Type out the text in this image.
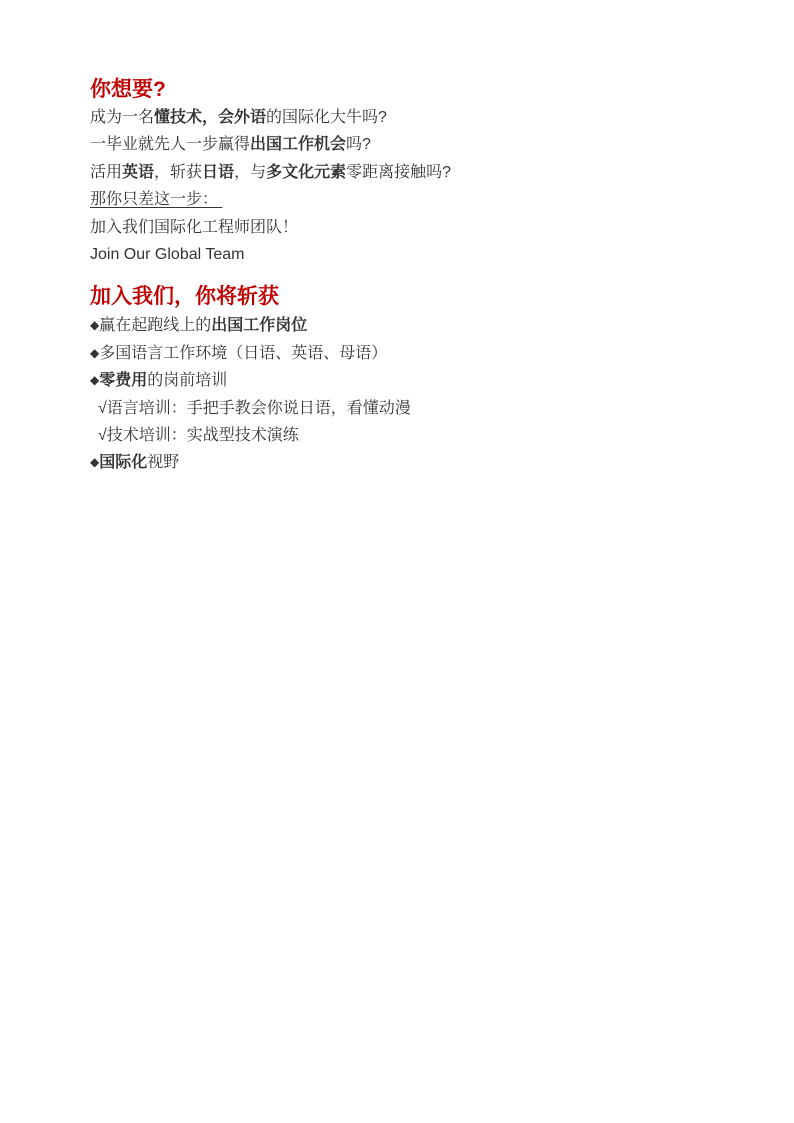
你想要?

成为一名懂技术，会外语的国际化大牛吗?

一毕业就先人一步赢得出国工作机会吗?

活用英语，斩获日语，与多文化元素零距离接触吗?

那你只差这一步：

加入我们国际化工程师团队！

Join Our Global Team

加入我们，你将斩获

◆赢在起跑线上的出国工作岗位

◆多国语言工作环境（日语、英语、母语）

◆零费用的岗前培训

√语言培训：手把手教会你说日语，看懂动漫

√技术培训：实战型技术演练

◆国际化视野
